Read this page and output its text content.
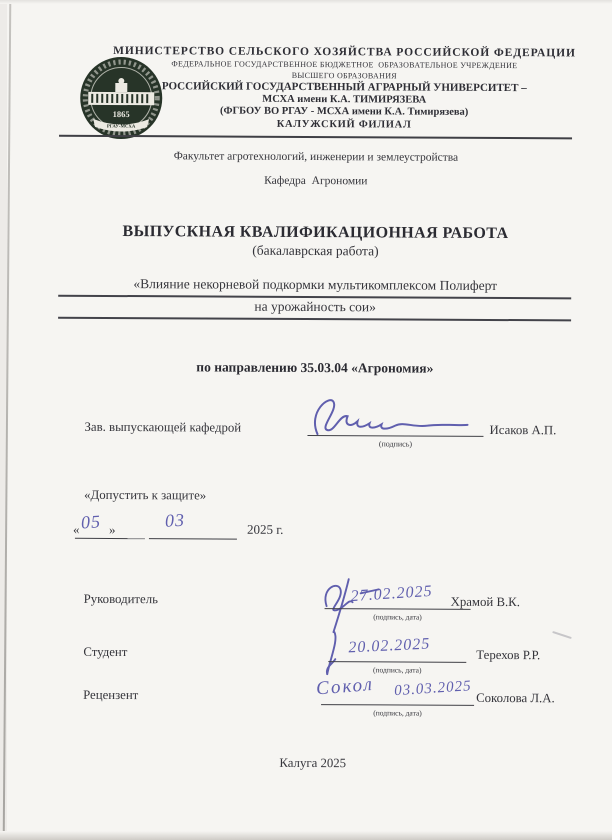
1865
РГАУ-МСХА
МИНИСТЕРСТВО СЕЛЬСКОГО ХОЗЯЙСТВА РОССИЙСКОЙ ФЕДЕРАЦИИ
ФЕДЕРАЛЬНОЕ ГОСУДАРСТВЕННОЕ БЮДЖЕТНОЕ  ОБРАЗОВАТЕЛЬНОЕ УЧРЕЖДЕНИЕ
ВЫСШЕГО ОБРАЗОВАНИЯ
РОССИЙСКИЙ ГОСУДАРСТВЕННЫЙ АГРАРНЫЙ УНИВЕРСИТЕТ –
МСХА имени К.А. ТИМИРЯЗЕВА
(ФГБОУ ВО РГАУ - МСХА имени К.А. Тимирязева)
КАЛУЖСКИЙ ФИЛИАЛ
Факультет агротехнологий, инженерии и землеустройства
Кафедра  Агрономии
ВЫПУСКНАЯ КВАЛИФИКАЦИОННАЯ РАБОТА
(бакалаврская работа)
«Влияние некорневой подкормки мультикомплексом Полиферт
на урожайность сои»
по направлению 35.03.04 «Агрономия»
Зав. выпускающей кафедрой
(подпись)
Исаков А.П.
«Допустить к защите»
« 05 »	03	2025 г.
Руководитель	27.02.2025
(подпись, дата)
Храмой В.К.
Студент	20.02.2025
(подпись, дата)
Терехов Р.Р.
Рецензент	Сокол 03.03.2025
(подпись, дата)
Соколова Л.А.
Калуга 2025
